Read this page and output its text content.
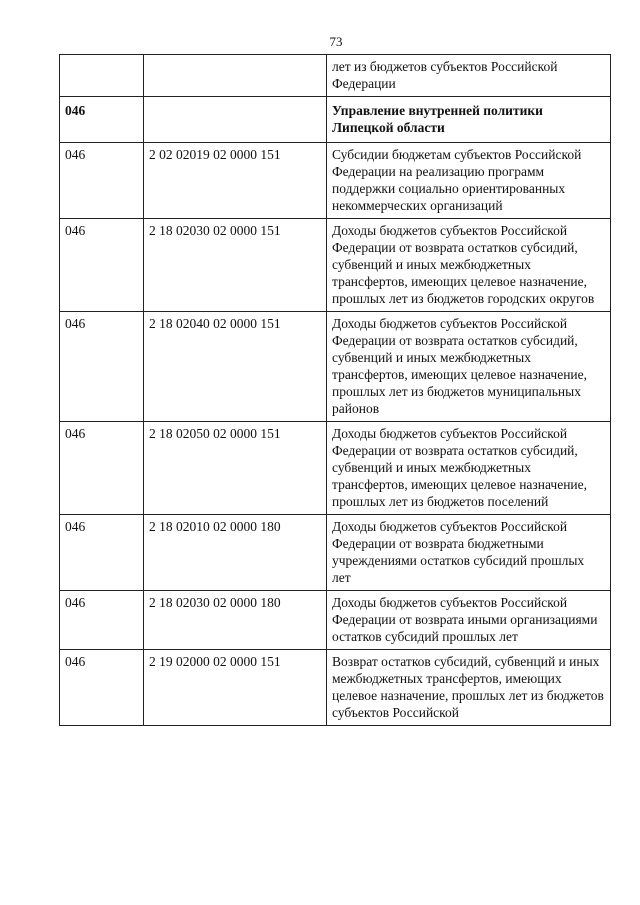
73
		лет из бюджетов субъектов Российской Федерации
046		Управление внутренней политики Липецкой области
046	2 02 02019 02 0000 151	Субсидии бюджетам субъектов Российской Федерации на реализацию программ поддержки социально ориентированных некоммерческих организаций
046	2 18 02030 02 0000 151	Доходы бюджетов субъектов Российской Федерации от возврата остатков субсидий, субвенций и иных межбюджетных трансфертов, имеющих целевое назначение, прошлых лет из бюджетов городских округов
046	2 18 02040 02 0000 151	Доходы бюджетов субъектов Российской Федерации от возврата остатков субсидий, субвенций и иных межбюджетных трансфертов, имеющих целевое назначение, прошлых лет из бюджетов муниципальных районов
046	2 18 02050 02 0000 151	Доходы бюджетов субъектов Российской Федерации от возврата остатков субсидий, субвенций и иных межбюджетных трансфертов, имеющих целевое назначение, прошлых лет из бюджетов поселений
046	2 18 02010 02 0000 180	Доходы бюджетов субъектов Российской Федерации от возврата бюджетными учреждениями остатков субсидий прошлых лет
046	2 18 02030 02 0000 180	Доходы бюджетов субъектов Российской Федерации от возврата иными организациями остатков субсидий прошлых лет
046	2 19 02000 02 0000 151	Возврат остатков субсидий, субвенций и иных межбюджетных трансфертов, имеющих целевое назначение, прошлых лет из бюджетов субъектов Российской
